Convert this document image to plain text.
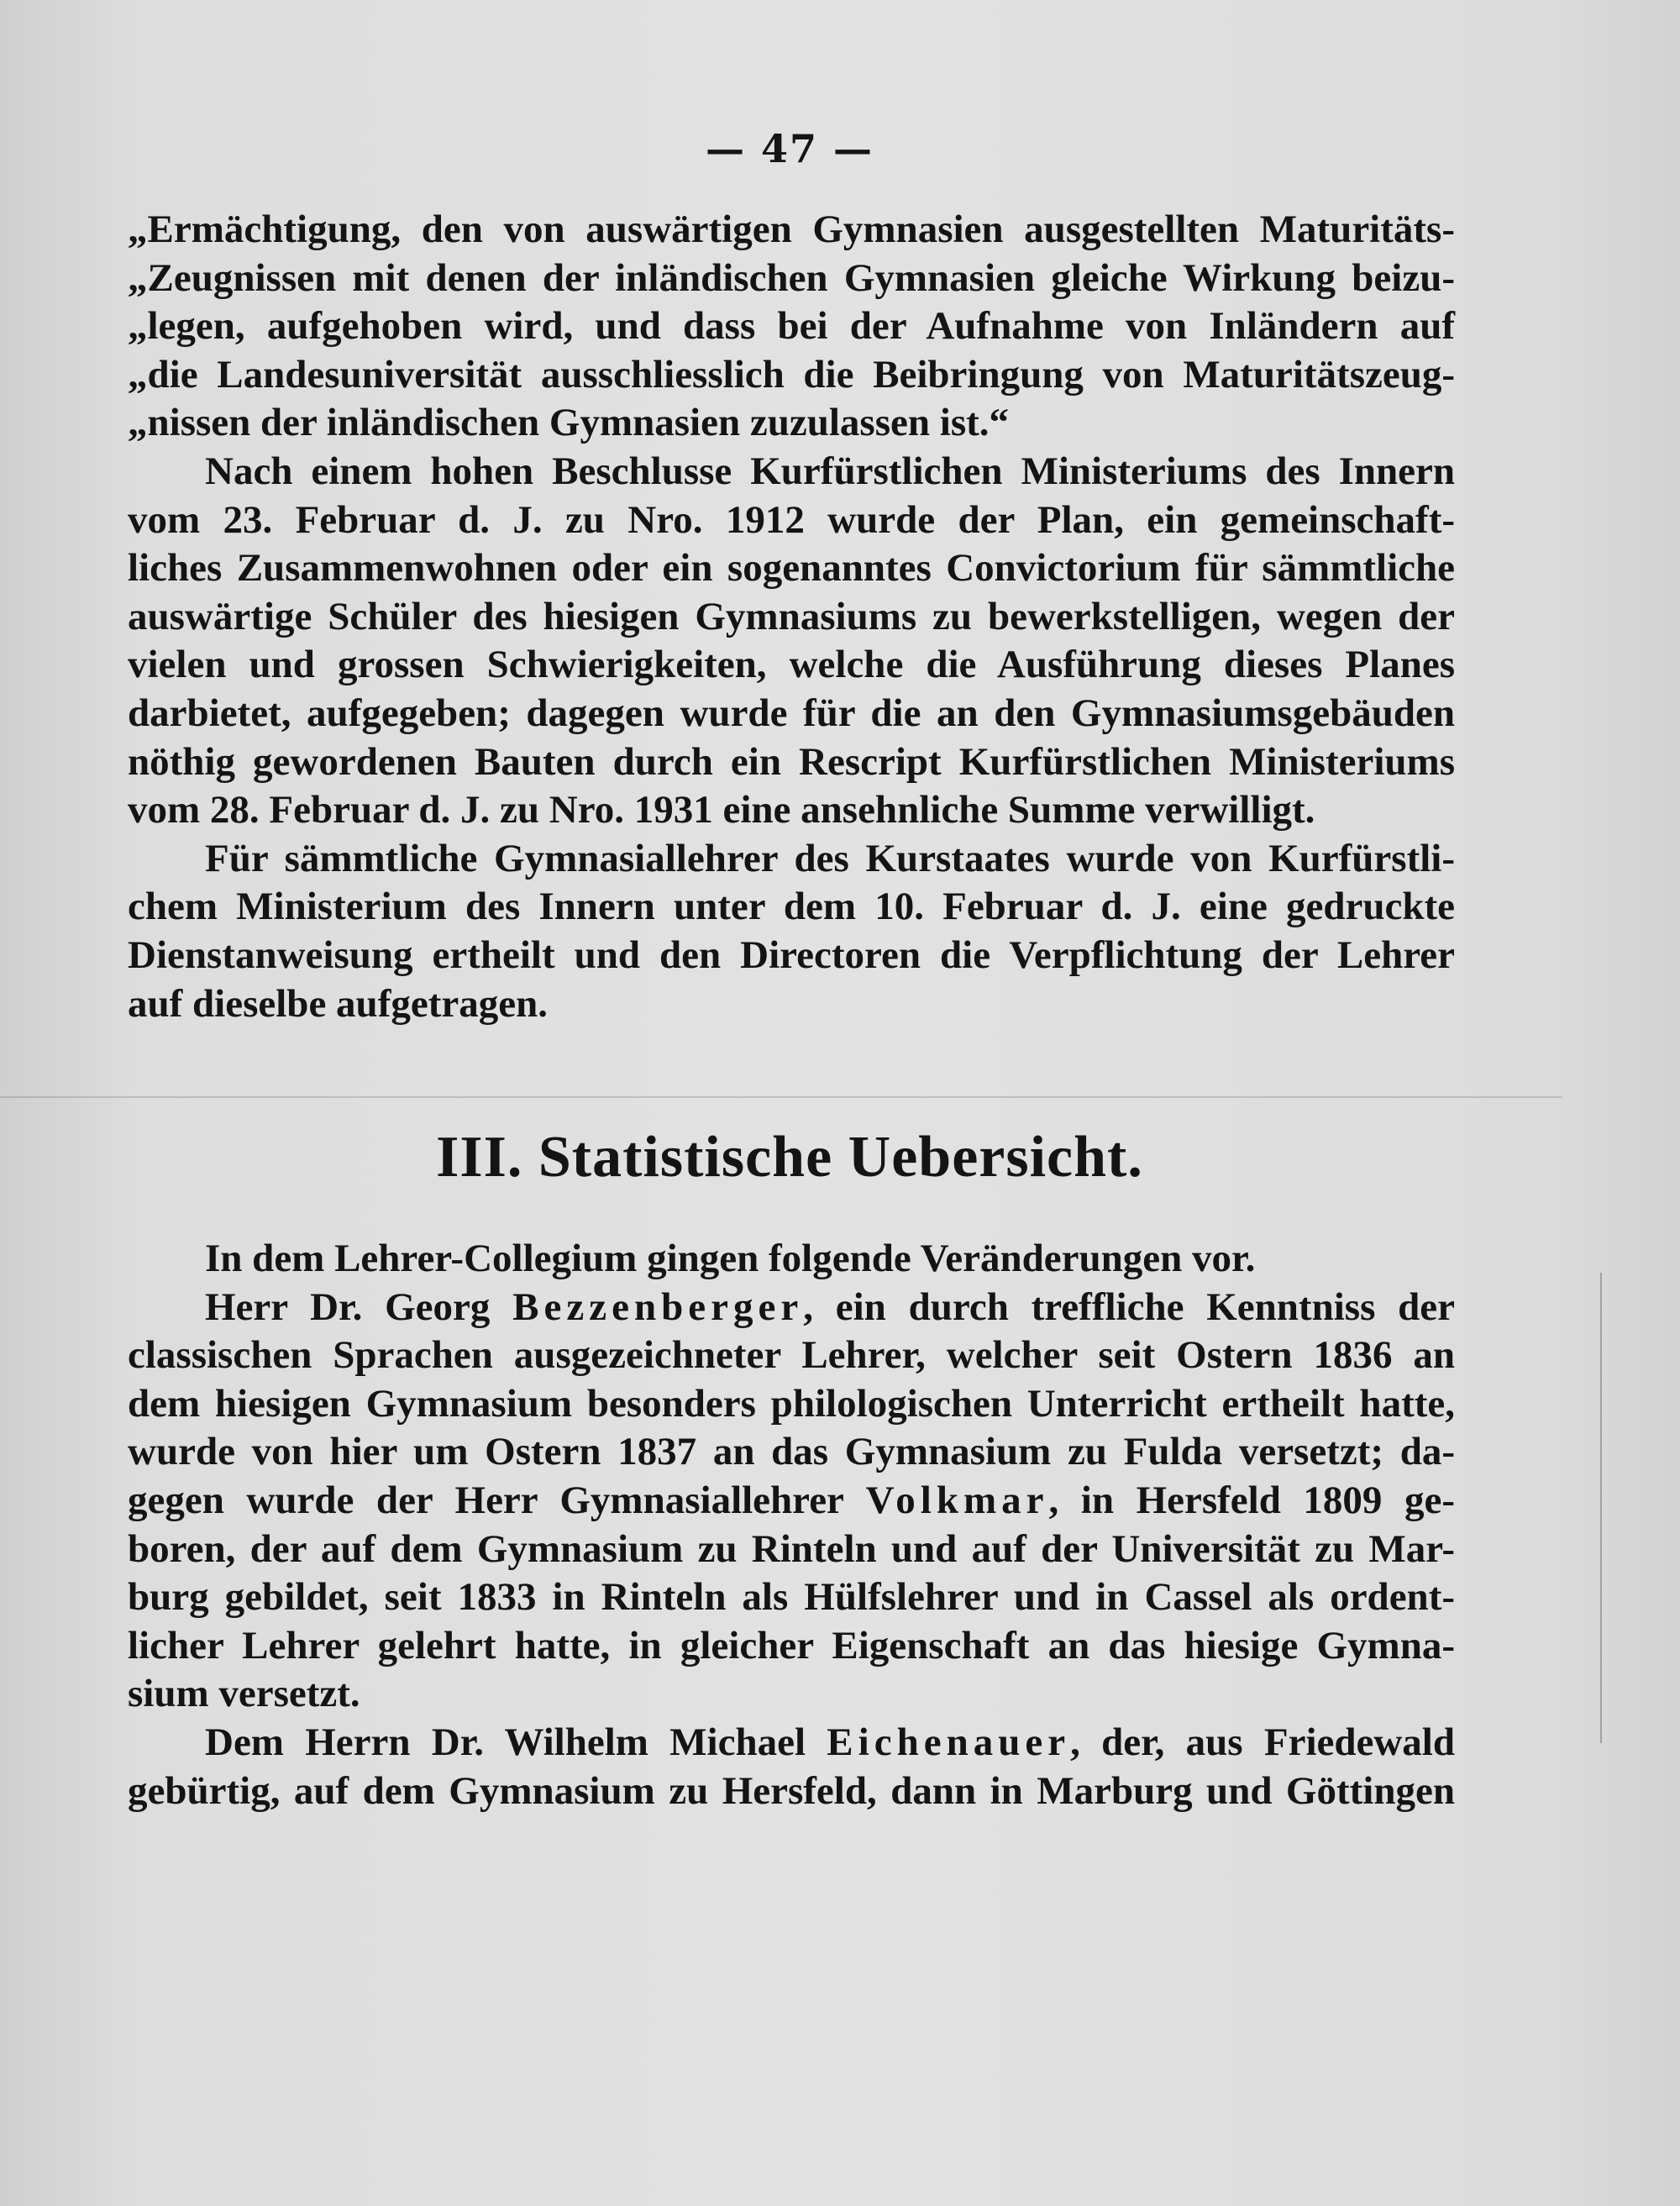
— 47 —
„Ermächtigung, den von auswärtigen Gymnasien ausgestellten Maturitäts-
„Zeugnissen mit denen der inländischen Gymnasien gleiche Wirkung beizu-
„legen, aufgehoben wird, und dass bei der Aufnahme von Inländern auf
„die Landesuniversität ausschliesslich die Beibringung von Maturitätszeug-
„nissen der inländischen Gymnasien zuzulassen ist.“
Nach einem hohen Beschlusse Kurfürstlichen Ministeriums des Innern
vom 23. Februar d. J. zu Nro. 1912 wurde der Plan, ein gemeinschaft-
liches Zusammenwohnen oder ein sogenanntes Convictorium für sämmtliche
auswärtige Schüler des hiesigen Gymnasiums zu bewerkstelligen, wegen der
vielen und grossen Schwierigkeiten, welche die Ausführung dieses Planes
darbietet, aufgegeben; dagegen wurde für die an den Gymnasiumsgebäuden
nöthig gewordenen Bauten durch ein Rescript Kurfürstlichen Ministeriums
vom 28. Februar d. J. zu Nro. 1931 eine ansehnliche Summe verwilligt.
Für sämmtliche Gymnasiallehrer des Kurstaates wurde von Kurfürstli-
chem Ministerium des Innern unter dem 10. Februar d. J. eine gedruckte
Dienstanweisung ertheilt und den Directoren die Verpflichtung der Lehrer
auf dieselbe aufgetragen.
III. Statistische Uebersicht.
In dem Lehrer-Collegium gingen folgende Veränderungen vor.
Herr Dr. Georg Bezzenberger, ein durch treffliche Kenntniss der
classischen Sprachen ausgezeichneter Lehrer, welcher seit Ostern 1836 an
dem hiesigen Gymnasium besonders philologischen Unterricht ertheilt hatte,
wurde von hier um Ostern 1837 an das Gymnasium zu Fulda versetzt; da-
gegen wurde der Herr Gymnasiallehrer Volkmar, in Hersfeld 1809 ge-
boren, der auf dem Gymnasium zu Rinteln und auf der Universität zu Mar-
burg gebildet, seit 1833 in Rinteln als Hülfslehrer und in Cassel als ordent-
licher Lehrer gelehrt hatte, in gleicher Eigenschaft an das hiesige Gymna-
sium versetzt.
Dem Herrn Dr. Wilhelm Michael Eichenauer, der, aus Friedewald
gebürtig, auf dem Gymnasium zu Hersfeld, dann in Marburg und Göttingen
